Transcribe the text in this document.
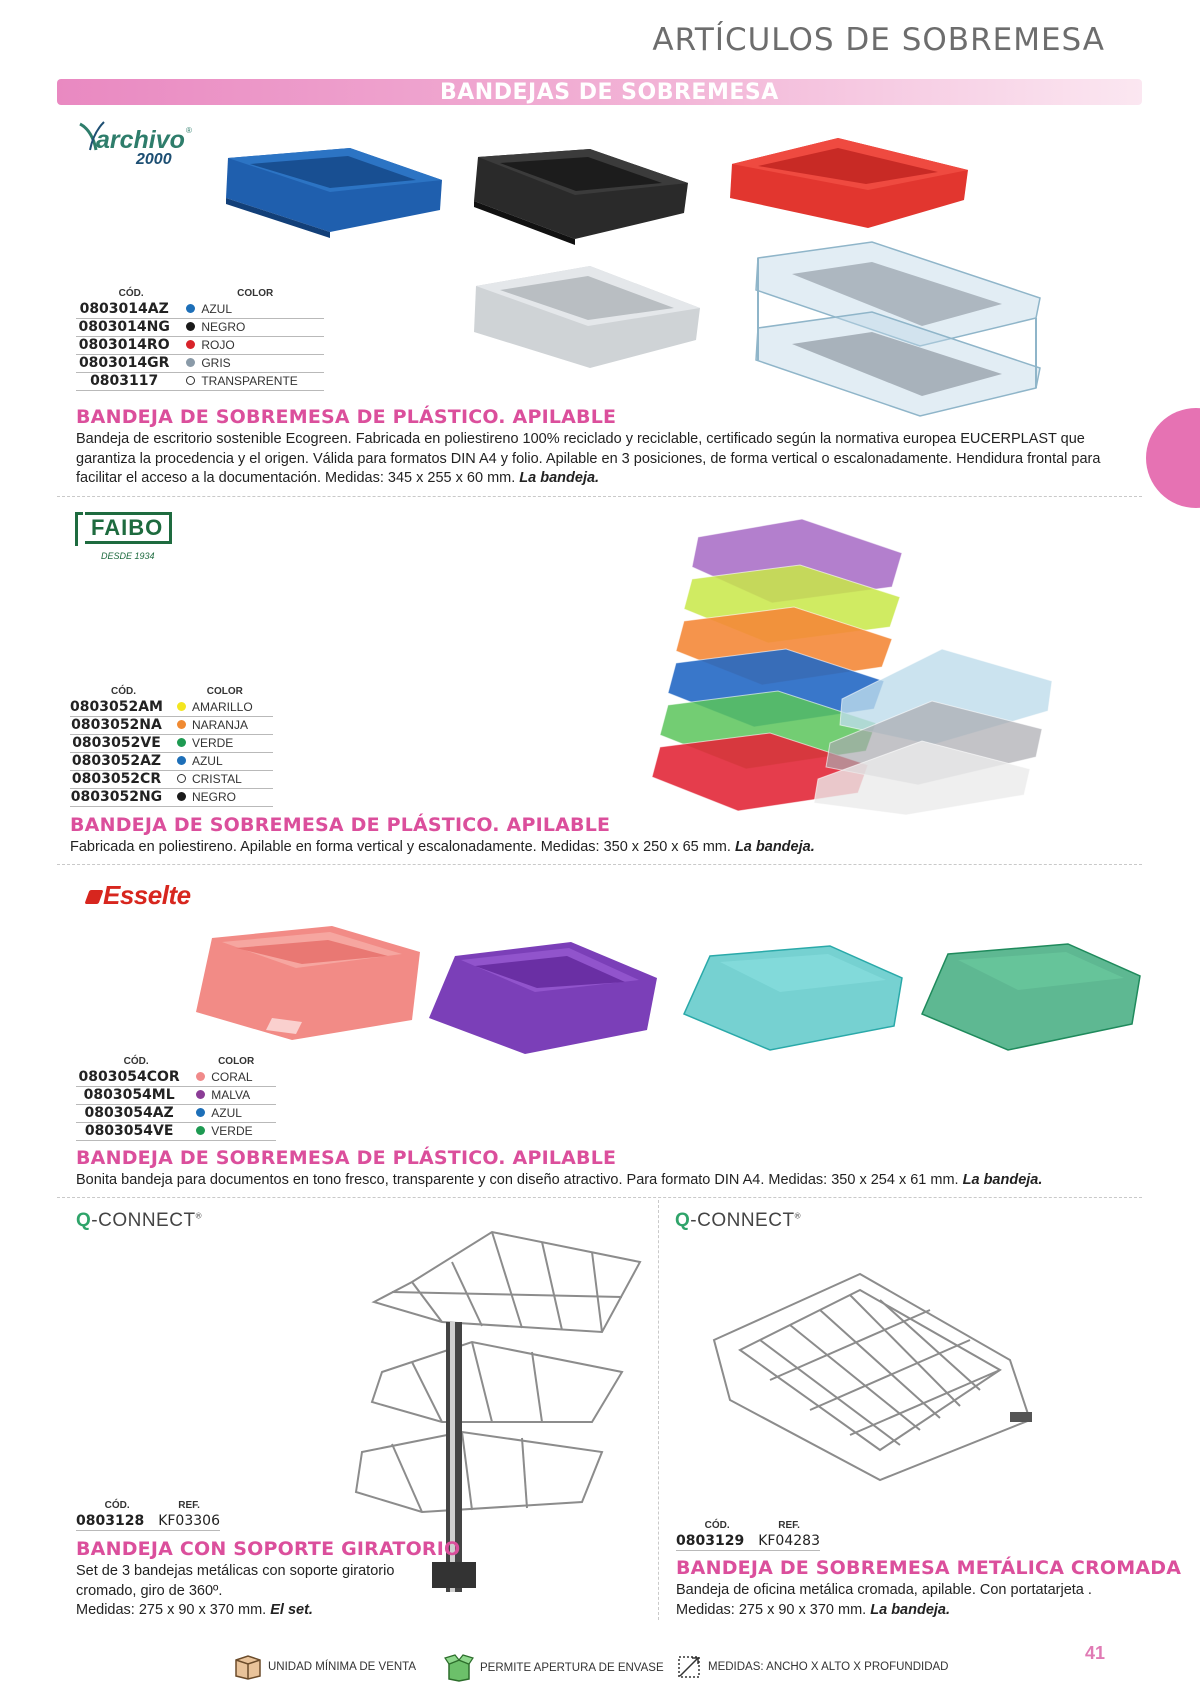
ARTÍCULOS DE SOBREMESA
BANDEJAS DE SOBREMESA
archivo ®
2000
CÓD.	COLOR
0803014AZ	AZUL
0803014NG	NEGRO
0803014RO	ROJO
0803014GR	GRIS
0803117	TRANSPARENTE
BANDEJA DE SOBREMESA DE PLÁSTICO. APILABLE
Bandeja de escritorio sostenible Ecogreen. Fabricada en poliestireno 100% reciclado y reciclable, certificado según la normativa europea EUCERPLAST que garantiza la procedencia y el origen. Válida para formatos DIN A4 y folio. Apilable en 3 posiciones, de forma vertical o escalonadamente. Hendidura frontal para facilitar el acceso a la documentación. Medidas: 345 x 255 x 60 mm. La bandeja.
FAIBO
DESDE 1934
CÓD.	COLOR
0803052AM	AMARILLO
0803052NA	NARANJA
0803052VE	VERDE
0803052AZ	AZUL
0803052CR	CRISTAL
0803052NG	NEGRO
BANDEJA DE SOBREMESA DE PLÁSTICO. APILABLE
Fabricada en poliestireno. Apilable en forma vertical y escalonadamente. Medidas: 350 x 250 x 65 mm. La bandeja.
Esselte
CÓD.	COLOR
0803054COR	CORAL
0803054ML	MALVA
0803054AZ	AZUL
0803054VE	VERDE
BANDEJA DE SOBREMESA DE PLÁSTICO. APILABLE
Bonita bandeja para documentos en tono fresco, transparente y con diseño atractivo. Para formato DIN A4. Medidas: 350 x 254 x 61 mm. La bandeja.
Q-CONNECT®
CÓD.	REF.
0803128	KF03306
BANDEJA CON SOPORTE GIRATORIO
Set de 3 bandejas metálicas con soporte giratorio
cromado, giro de 360º.
Medidas: 275 x 90 x 370 mm. El set.
Q-CONNECT®
CÓD.	REF.
0803129	KF04283
BANDEJA DE SOBREMESA METÁLICA CROMADA
Bandeja de oficina metálica cromada, apilable. Con portatarjeta .
Medidas: 275 x 90 x 370 mm. La bandeja.
UNIDAD MÍNIMA DE VENTA	PERMITE APERTURA DE ENVASE	MEDIDAS: ANCHO X ALTO X PROFUNDIDAD
41
